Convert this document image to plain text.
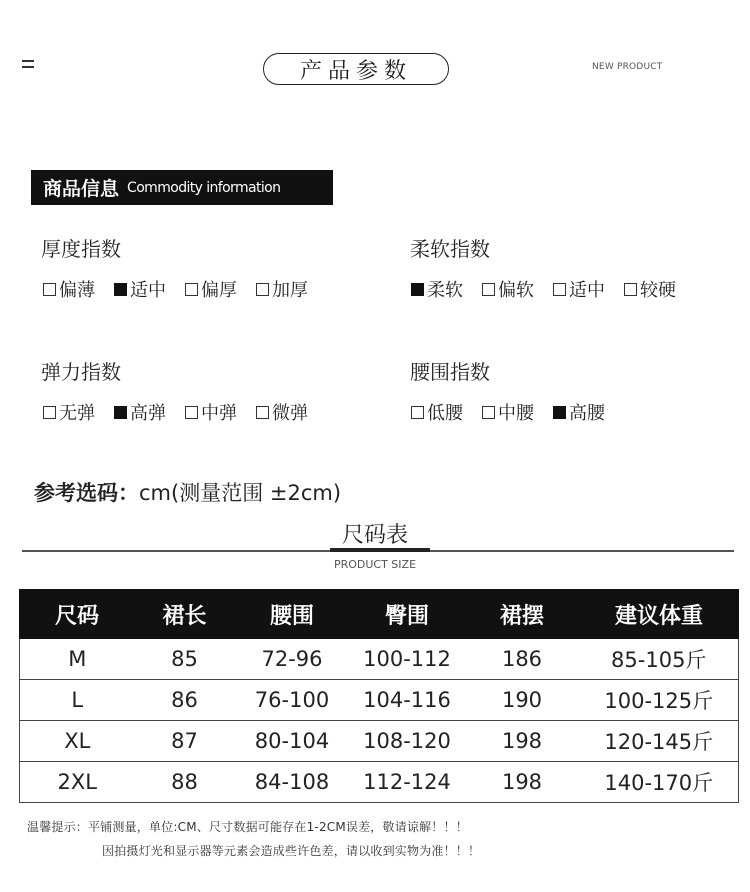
产品参数	NEW PRODUCT
商品信息 Commodity information
厚度指数
偏薄 适中 偏厚 加厚
柔软指数
柔软 偏软 适中 较硬
弹力指数
无弹 高弹 中弹 微弹
腰围指数
低腰 中腰 高腰
参考选码：cm(测量范围 ±2cm)
尺码表
PRODUCT SIZE
尺码	裙长	腰围	臀围	裙摆	建议体重
M	85	72-96	100-112	186	85-105斤
L	86	76-100	104-116	190	100-125斤
XL	87	80-104	108-120	198	120-145斤
2XL	88	84-108	112-124	198	140-170斤
温馨提示：平铺测量，单位:CM、尺寸数据可能存在1-2CM误差，敬请谅解！！！
因拍摄灯光和显示器等元素会造成些许色差，请以收到实物为准！！！
